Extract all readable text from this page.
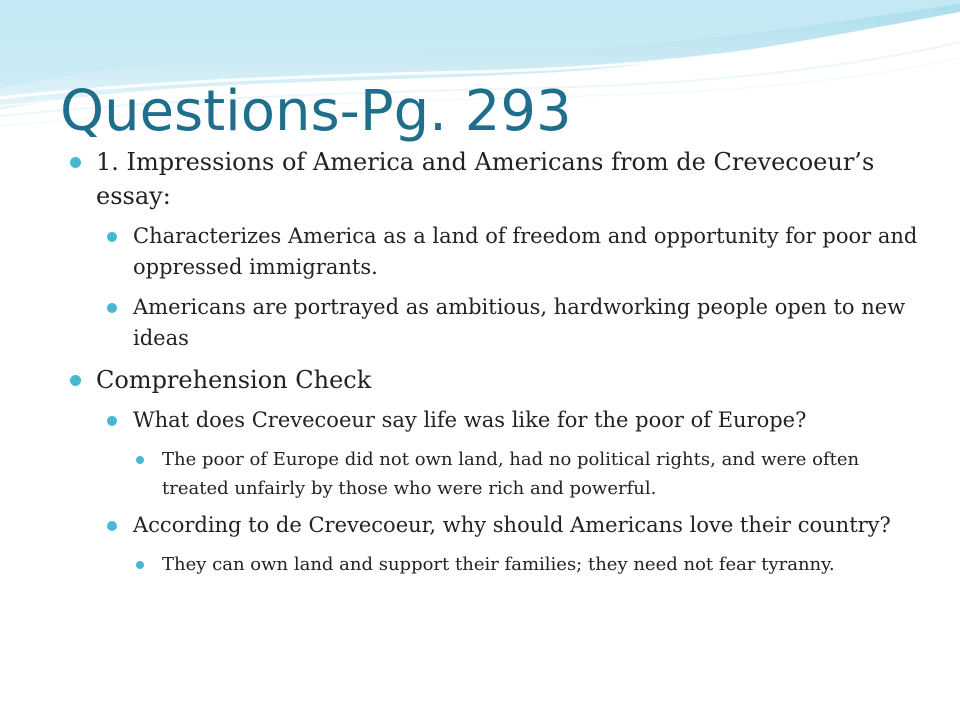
Questions-Pg. 293

1. Impressions of America and Americans from de Crevecoeur’s essay:

Characterizes America as a land of freedom and opportunity for poor and oppressed immigrants.

Americans are portrayed as ambitious, hardworking people open to new ideas

Comprehension Check

What does Crevecoeur say life was like for the poor of Europe?

The poor of Europe did not own land, had no political rights, and were often treated unfairly by those who were rich and powerful.

According to de Crevecoeur, why should Americans love their country?

They can own land and support their families; they need not fear tyranny.
